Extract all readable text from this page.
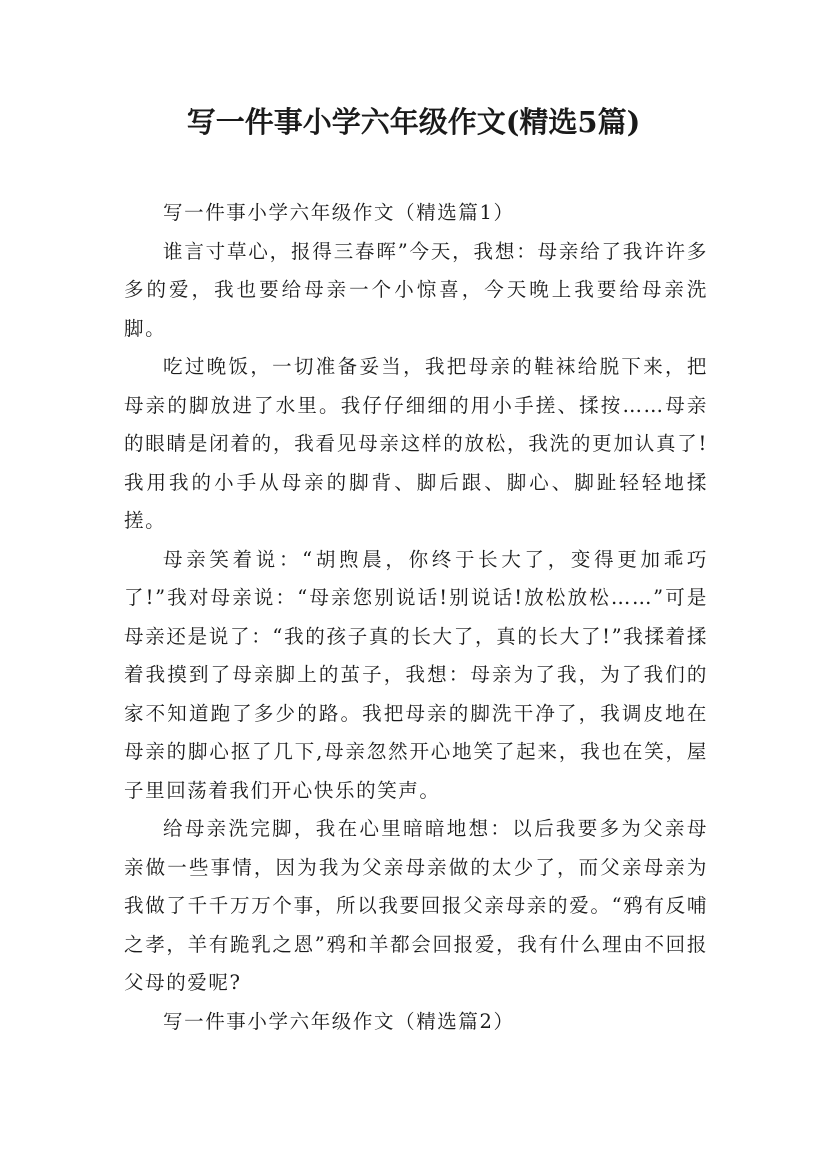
写一件事小学六年级作文(精选5篇)

写一件事小学六年级作文（精选篇1）

谁言寸草心，报得三春晖”今天，我想：母亲给了我许许多多的爱，我也要给母亲一个小惊喜，今天晚上我要给母亲洗脚。

吃过晚饭，一切准备妥当，我把母亲的鞋袜给脱下来，把母亲的脚放进了水里。我仔仔细细的用小手搓、揉按……母亲的眼睛是闭着的，我看见母亲这样的放松，我洗的更加认真了!我用我的小手从母亲的脚背、脚后跟、脚心、脚趾轻轻地揉搓。

母亲笑着说：“胡煦晨，你终于长大了，变得更加乖巧了!”我对母亲说：“母亲您别说话!别说话!放松放松……”可是母亲还是说了：“我的孩子真的长大了，真的长大了!”我揉着揉着我摸到了母亲脚上的茧子，我想：母亲为了我，为了我们的家不知道跑了多少的路。我把母亲的脚洗干净了，我调皮地在母亲的脚心抠了几下,母亲忽然开心地笑了起来，我也在笑，屋子里回荡着我们开心快乐的笑声。

给母亲洗完脚，我在心里暗暗地想：以后我要多为父亲母亲做一些事情，因为我为父亲母亲做的太少了，而父亲母亲为我做了千千万万个事，所以我要回报父亲母亲的爱。“鸦有反哺之孝，羊有跪乳之恩”鸦和羊都会回报爱，我有什么理由不回报父母的爱呢?

写一件事小学六年级作文（精选篇2）
